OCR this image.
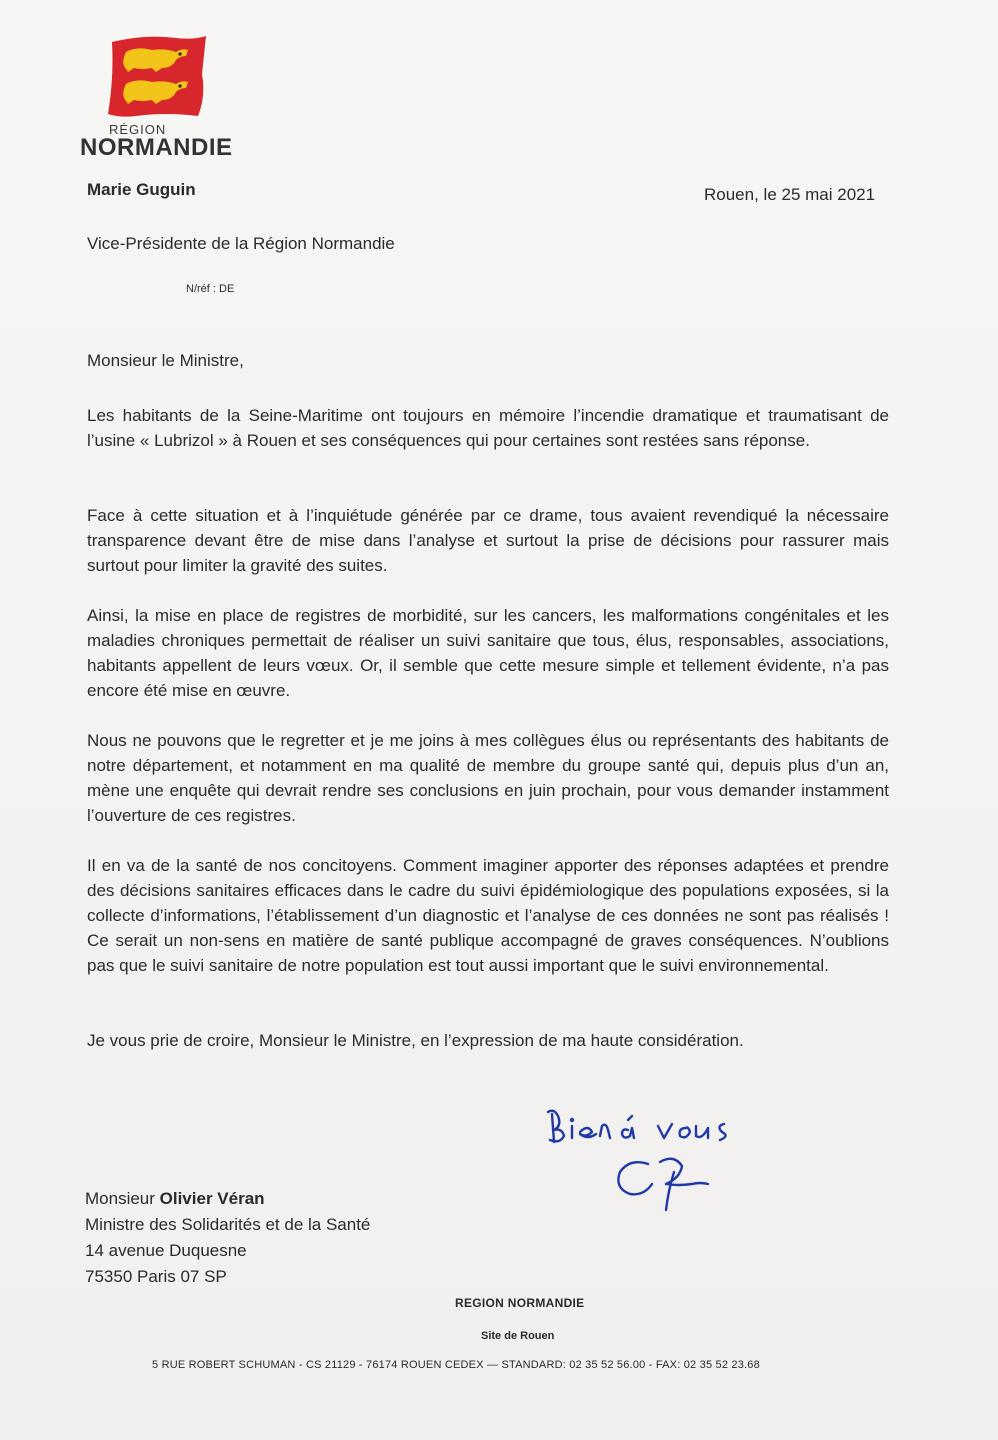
RÉGION
NORMANDIE
Marie Guguin	Rouen, le 25 mai 2021
Vice-Présidente de la Région Normandie
N/réf : DE
Monsieur le Ministre,
Les habitants de la Seine-Maritime ont toujours en mémoire l’incendie dramatique et traumatisant de l’usine « Lubrizol » à Rouen et ses conséquences qui pour certaines sont restées sans réponse.
Face à cette situation et à l’inquiétude générée par ce drame, tous avaient revendiqué la nécessaire transparence devant être de mise dans l’analyse et surtout la prise de décisions pour rassurer mais surtout pour limiter la gravité des suites.
Ainsi, la mise en place de registres de morbidité, sur les cancers, les malformations congénitales et les maladies chroniques permettait de réaliser un suivi sanitaire que tous, élus, responsables, associations, habitants appellent de leurs vœux. Or, il semble que cette mesure simple et tellement évidente, n’a pas encore été mise en œuvre.
Nous ne pouvons que le regretter et je me joins à mes collègues élus ou représentants des habitants de notre département, et notamment en ma qualité de membre du groupe santé qui, depuis plus d’un an, mène une enquête qui devrait rendre ses conclusions en juin prochain, pour vous demander instamment l’ouverture de ces registres.
Il en va de la santé de nos concitoyens. Comment imaginer apporter des réponses adaptées et prendre des décisions sanitaires efficaces dans le cadre du suivi épidémiologique des populations exposées, si la collecte d’informations, l’établissement d’un diagnostic et l’analyse de ces données ne sont pas réalisés ! Ce serait un non-sens en matière de santé publique accompagné de graves conséquences. N’oublions pas que le suivi sanitaire de notre population est tout aussi important que le suivi environnemental.
Je vous prie de croire, Monsieur le Ministre, en l’expression de ma haute considération.
Monsieur Olivier Véran
Ministre des Solidarités et de la Santé
14 avenue Duquesne
75350 Paris 07 SP
REGION NORMANDIE
Site de Rouen
5 RUE ROBERT SCHUMAN - CS 21129 - 76174 ROUEN CEDEX — STANDARD: 02 35 52 56.00 - FAX: 02 35 52 23.68
